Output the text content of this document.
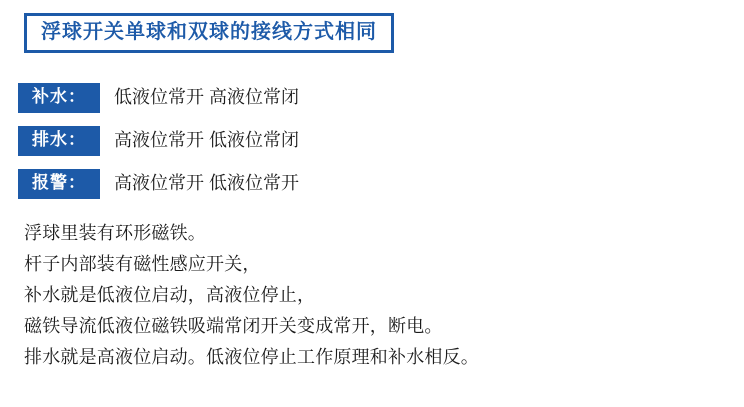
浮球开关单球和双球的接线方式相同
补水：	低液位常开 高液位常闭
排水：	高液位常开 低液位常闭
报警：	高液位常开 低液位常开
浮球里装有环形磁铁。
杆子内部装有磁性感应开关，
补水就是低液位启动，高液位停止，
磁铁导流低液位磁铁吸端常闭开关变成常开，断电。
排水就是高液位启动。低液位停止工作原理和补水相反。
